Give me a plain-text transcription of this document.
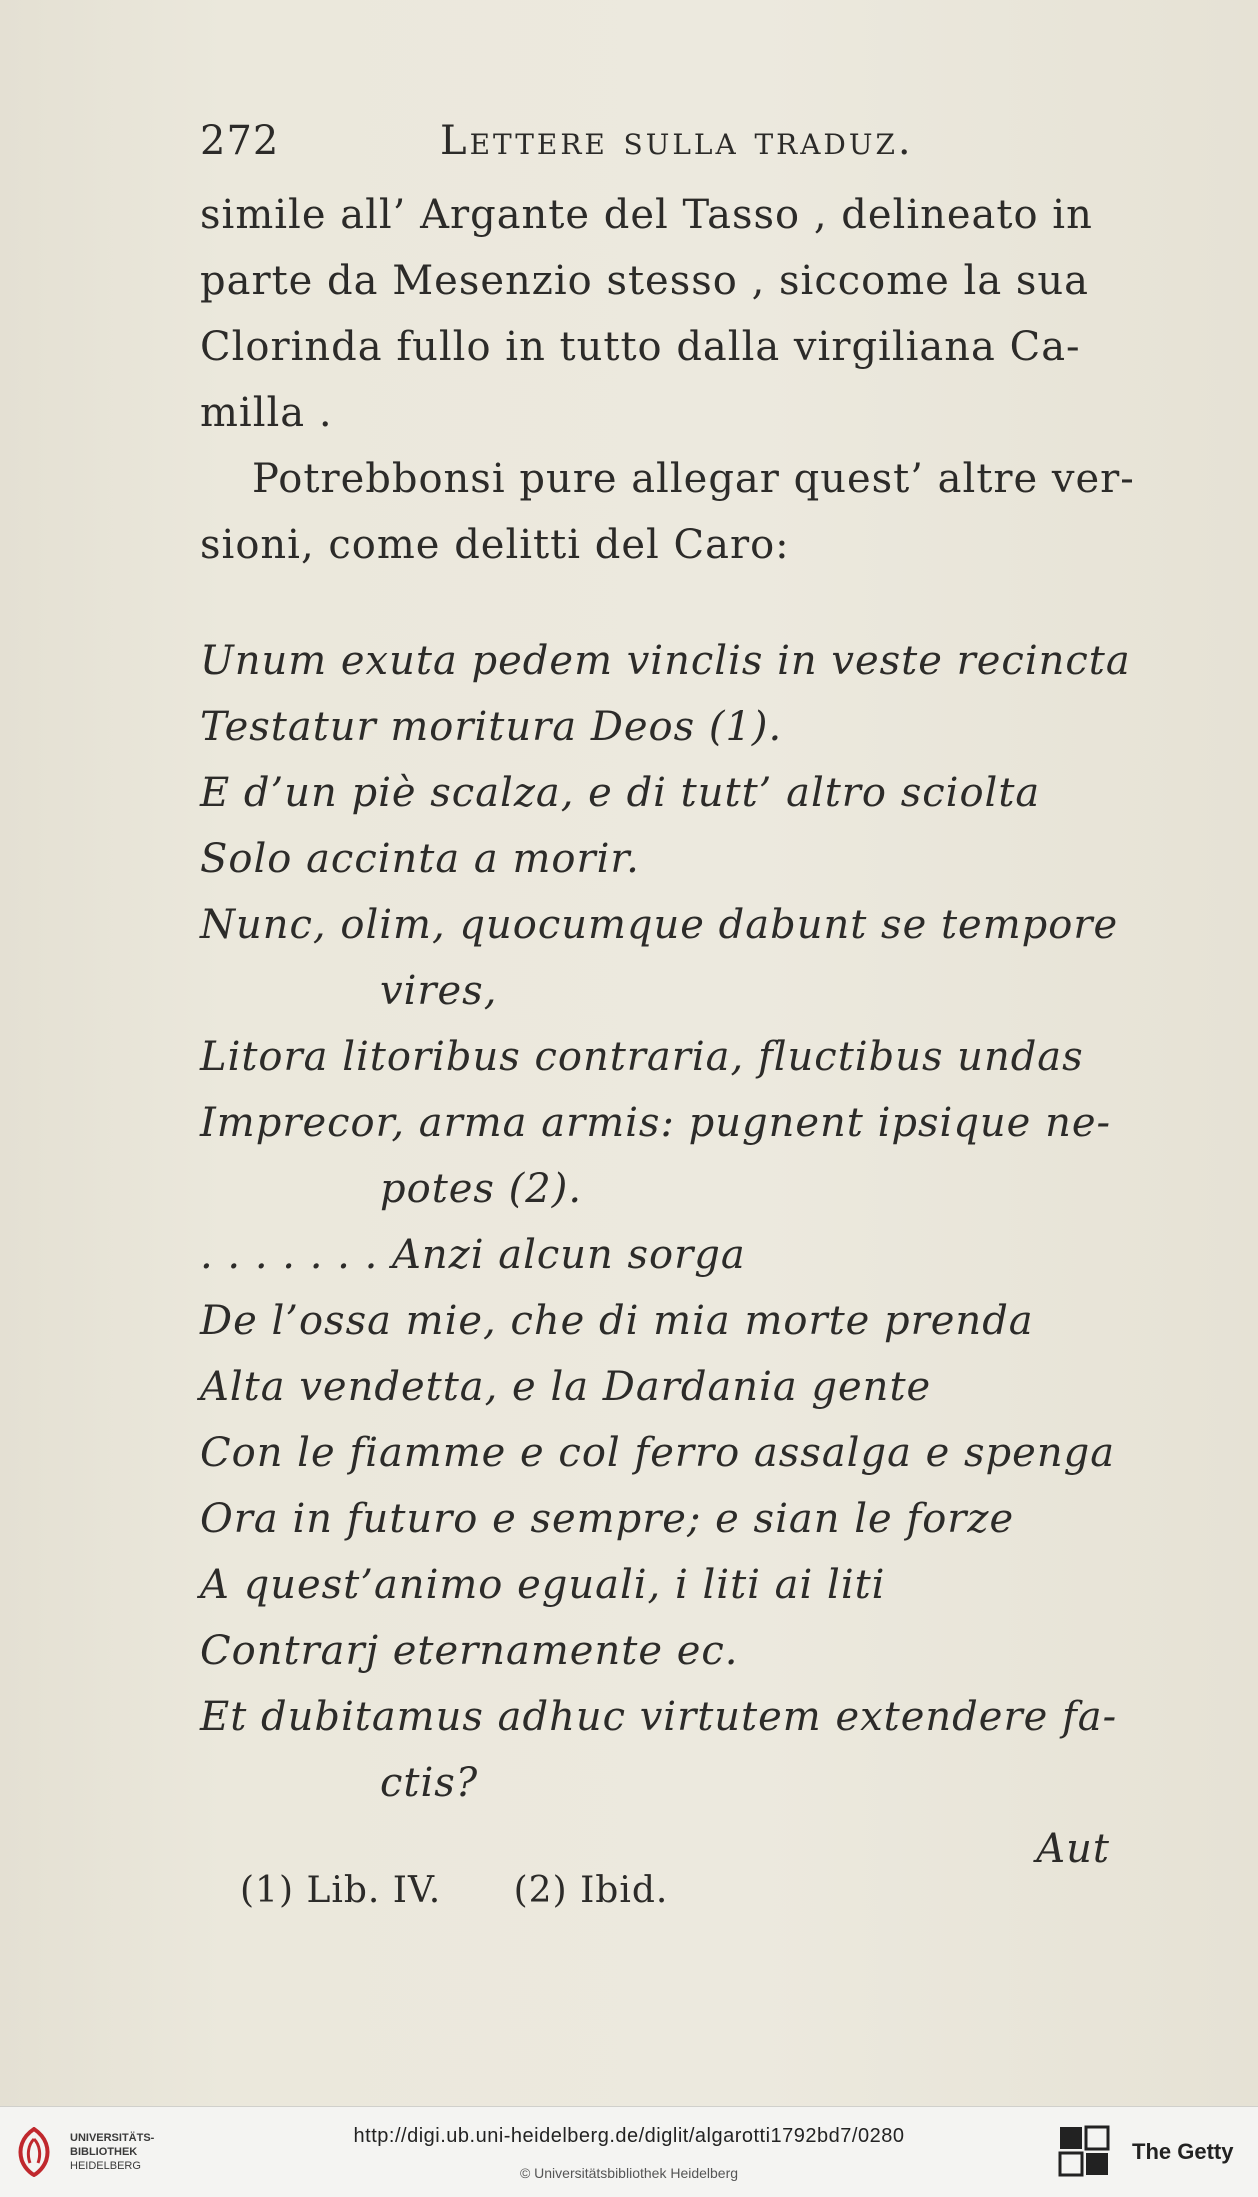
272	Lettere sulla traduz.
simile all’ Argante del Tasso , delineato in
parte da Mesenzio stesso , siccome la sua
Clorinda fullo in tutto dalla virgiliana Ca-
milla .
Potrebbonsi pure allegar quest’ altre ver-
sioni, come delitti del Caro:
Unum exuta pedem vinclis in veste recincta
Testatur moritura Deos (1).
E d’un piè scalza, e di tutt’ altro sciolta
Solo accinta a morir.
Nunc, olim, quocumque dabunt se tempore
vires,
Litora litoribus contraria, fluctibus undas
Imprecor, arma armis: pugnent ipsique ne-
potes (2).
. . . . . . . Anzi alcun sorga
De l’ossa mie, che di mia morte prenda
Alta vendetta, e la Dardania gente
Con le fiamme e col ferro assalga e spenga
Ora in futuro e sempre; e sian le forze
A quest’animo eguali, i liti ai liti
Contrarj eternamente ec.
Et dubitamus adhuc virtutem extendere fa-
ctis?
Aut
(1) Lib. IV. (2) Ibid.
UNIVERSITÄTS-
BIBLIOTHEK
HEIDELBERG
http://digi.ub.uni-heidelberg.de/diglit/algarotti1792bd7/0280
© Universitätsbibliothek Heidelberg
The Getty
